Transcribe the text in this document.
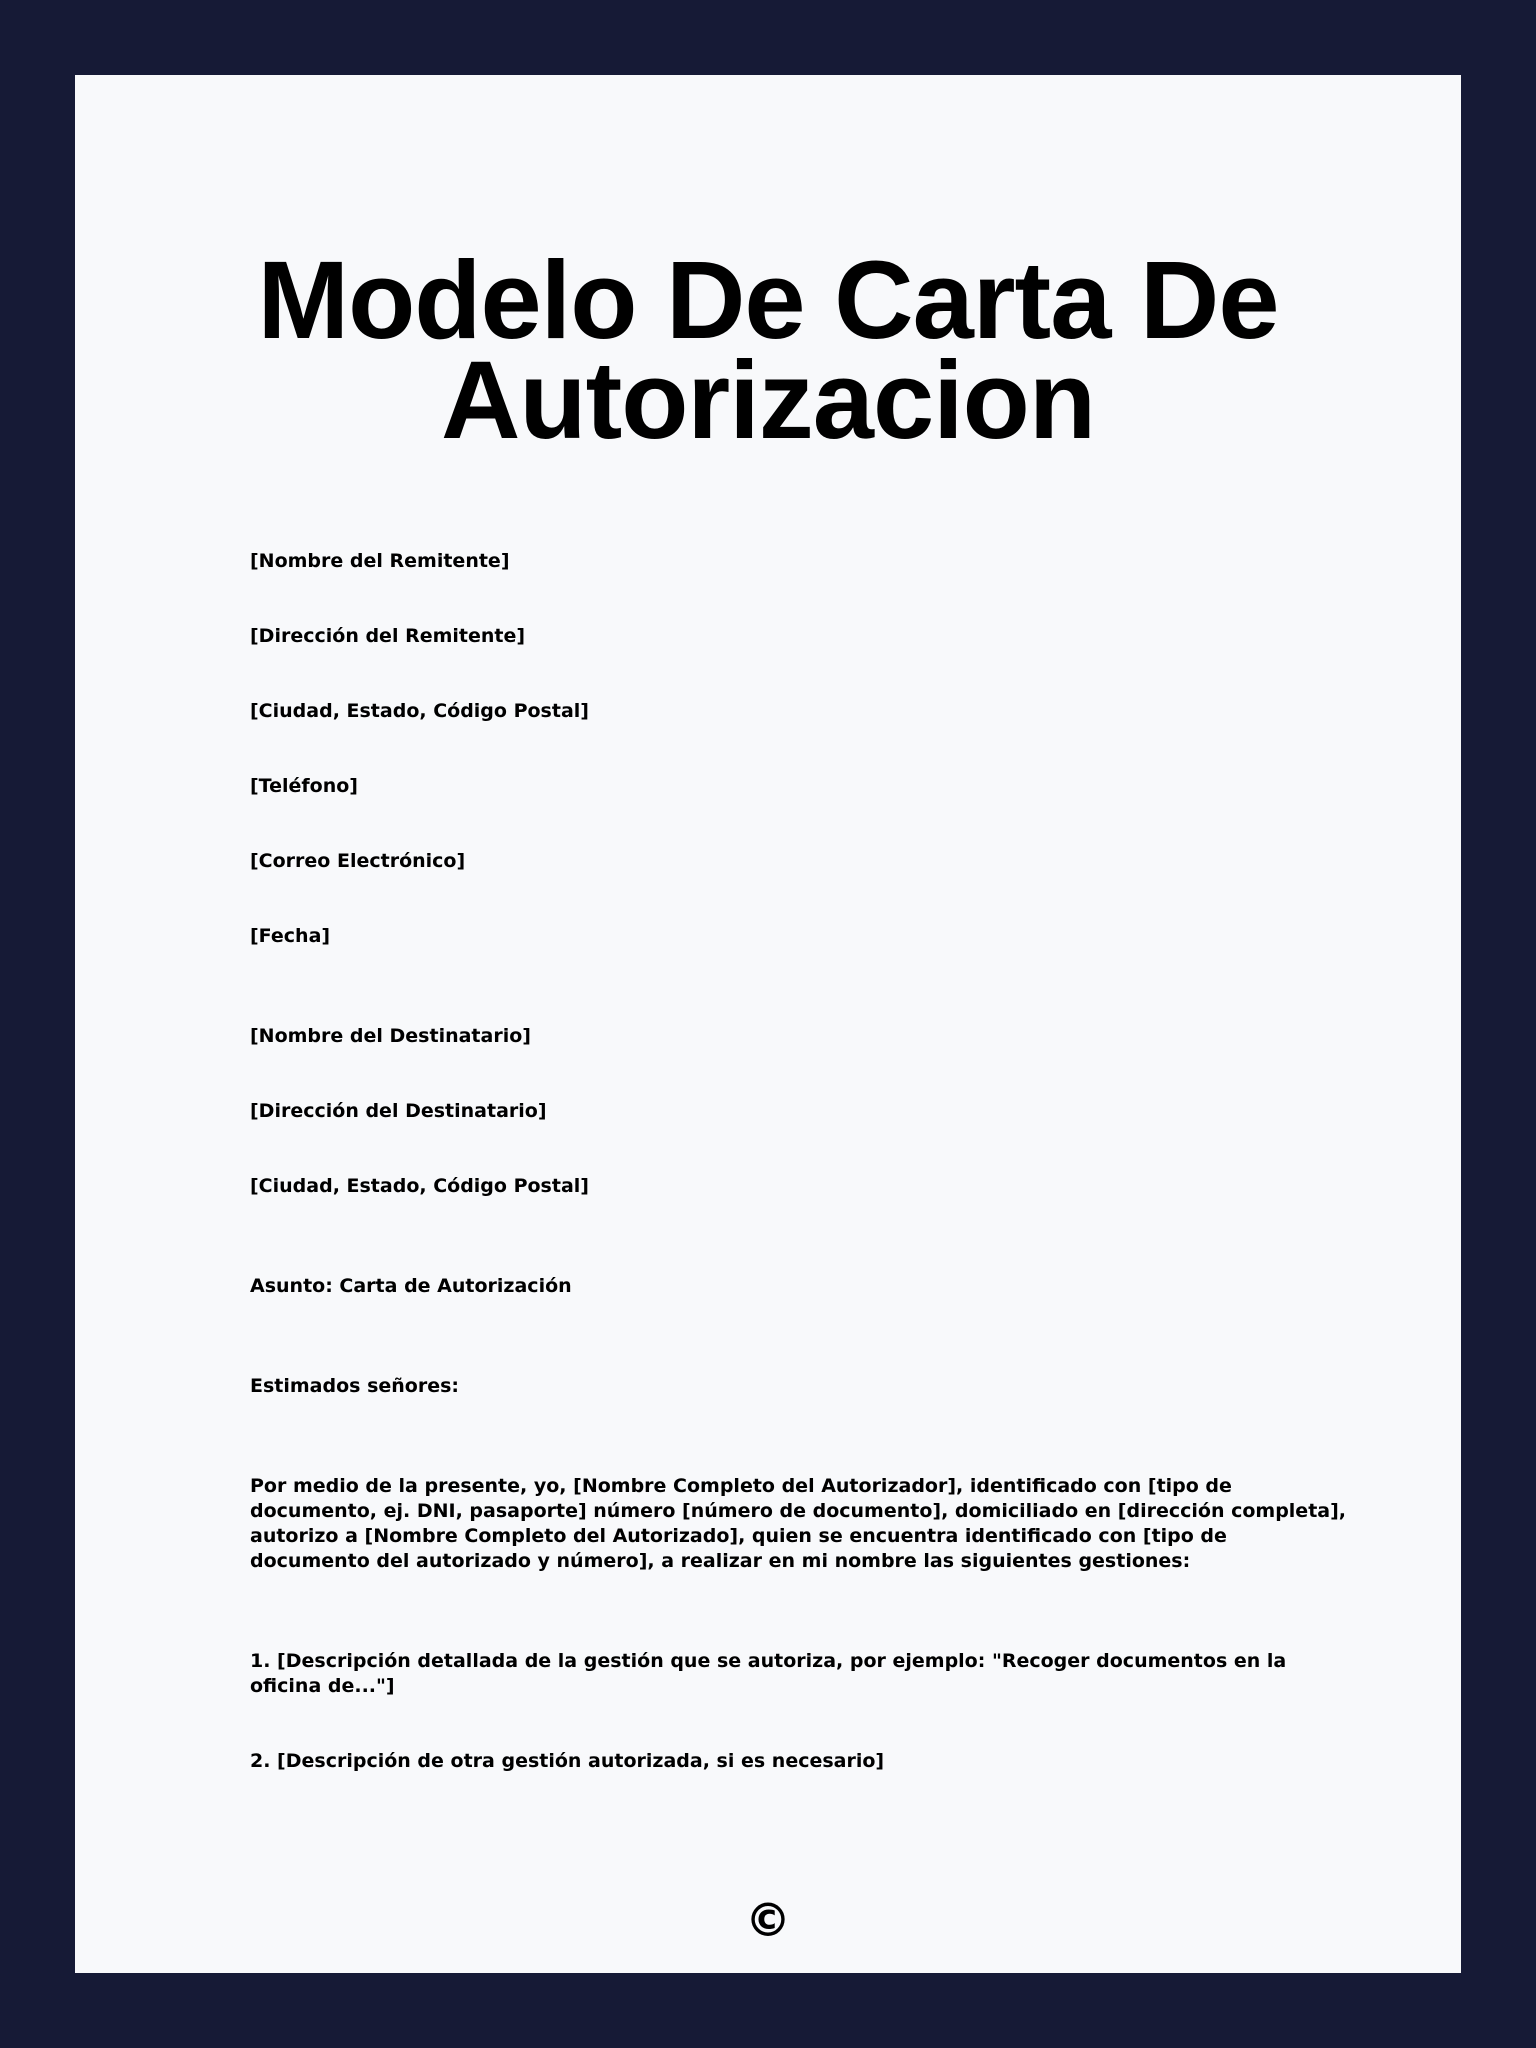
Modelo De Carta De
Autorizacion

[Nombre del Remitente]

[Dirección del Remitente]

[Ciudad, Estado, Código Postal]

[Teléfono]

[Correo Electrónico]

[Fecha]

[Nombre del Destinatario]

[Dirección del Destinatario]

[Ciudad, Estado, Código Postal]

Asunto: Carta de Autorización

Estimados señores:

Por medio de la presente, yo, [Nombre Completo del Autorizador], identificado con [tipo de documento, ej. DNI, pasaporte] número [número de documento], domiciliado en [dirección completa], autorizo a [Nombre Completo del Autorizado], quien se encuentra identificado con [tipo de documento del autorizado y número], a realizar en mi nombre las siguientes gestiones:

1. [Descripción detallada de la gestión que se autoriza, por ejemplo: "Recoger documentos en la oficina de..."]

2. [Descripción de otra gestión autorizada, si es necesario]

©
